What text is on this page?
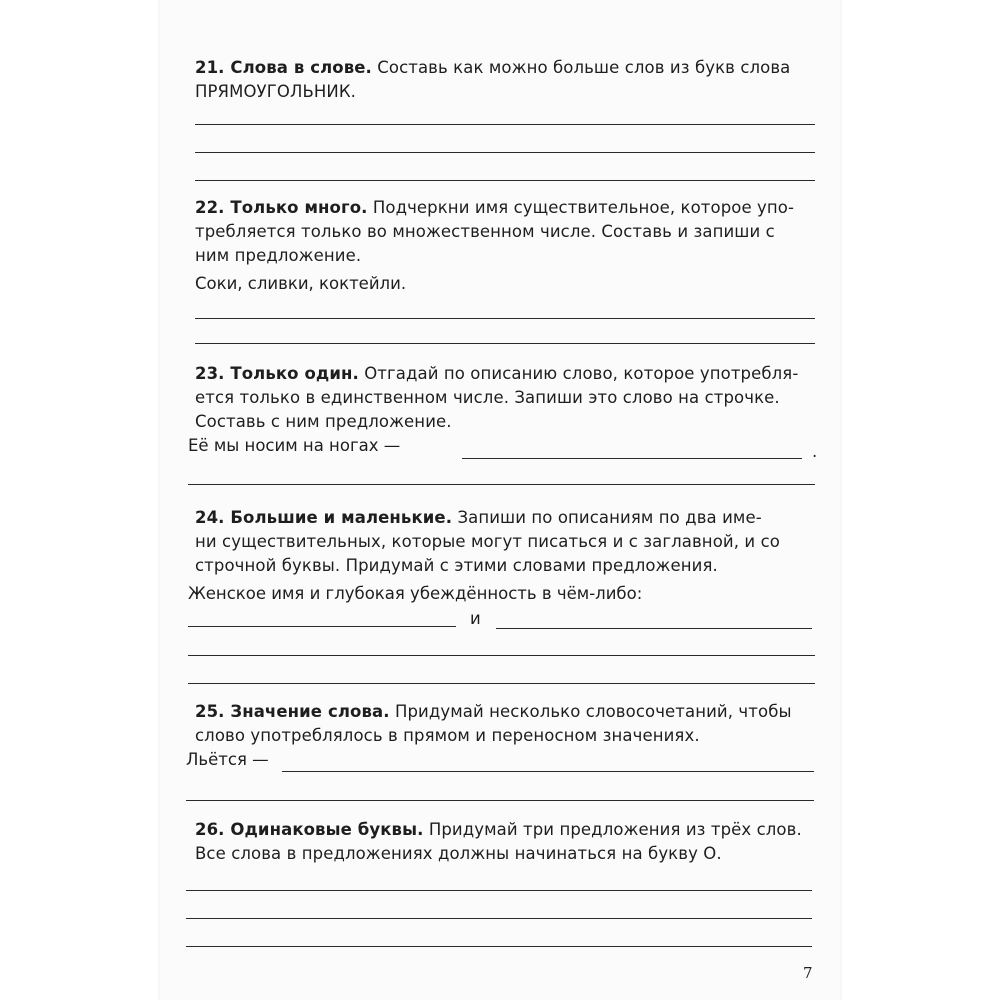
21. Слова в слове. Составь как можно больше слов из букв слова
ПРЯМОУГОЛЬНИК.

22. Только много. Подчеркни имя существительное, которое упо-
требляется только во множественном числе. Составь и запиши с
ним предложение.

Соки, сливки, коктейли.

23. Только один. Отгадай по описанию слово, которое употребля-
ется только в единственном числе. Запиши это слово на строчке.
Составь с ним предложение.

Её мы носим на ногах —	.

24. Большие и маленькие. Запиши по описаниям по два име-
ни существительных, которые могут писаться и с заглавной, и со
строчной буквы. Придумай с этими словами предложения.

Женское имя и глубокая убеждённость в чём-либо:
и

25. Значение слова. Придумай несколько словосочетаний, чтобы
слово употреблялось в прямом и переносном значениях.

Льётся —

26. Одинаковые буквы. Придумай три предложения из трёх слов.
Все слова в предложениях должны начинаться на букву О.

7
